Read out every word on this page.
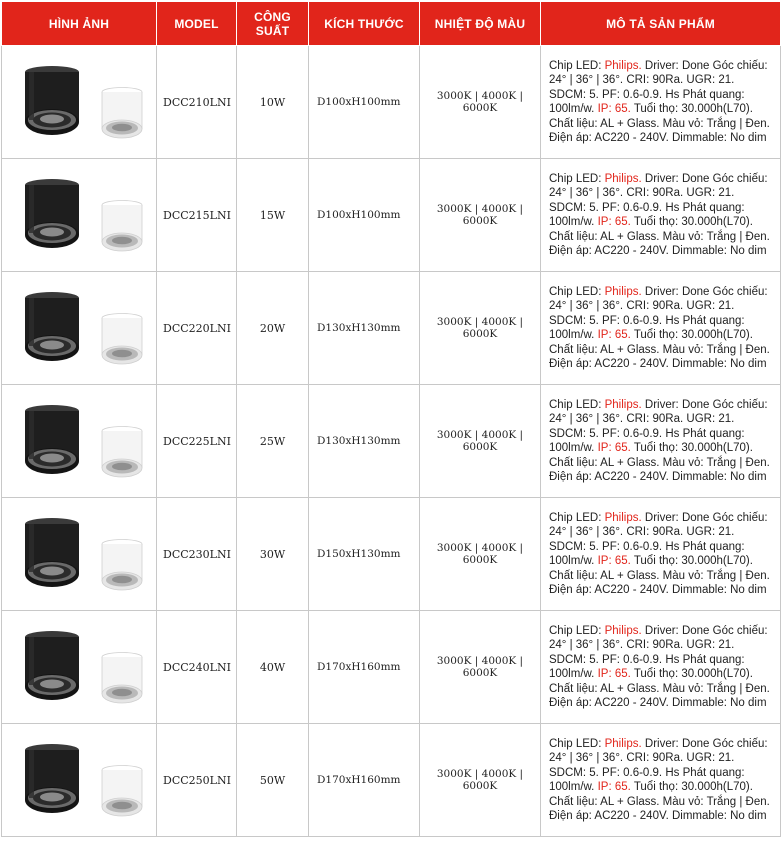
HÌNH ẢNH	MODEL	CÔNG SUẤT	KÍCH THƯỚC	NHIỆT ĐỘ MÀU	MÔ TẢ SẢN PHẨM

	DCC210LNI	10W	D100xH100mm	3000K | 4000K | 6000K	Chip LED: Philips. Driver: Done Góc chiếu: 24° | 36° | 36°. CRI: 90Ra. UGR: 21. SDCM: 5. PF: 0.6-0.9. Hs Phát quang: 100lm/w. IP: 65. Tuổi thọ: 30.000h(L70). Chất liệu: AL + Glass. Màu vỏ: Trắng | Đen. Điện áp: AC220 - 240V. Dimmable: No dim

	DCC215LNI	15W	D100xH100mm	3000K | 4000K | 6000K	Chip LED: Philips. Driver: Done Góc chiếu: 24° | 36° | 36°. CRI: 90Ra. UGR: 21. SDCM: 5. PF: 0.6-0.9. Hs Phát quang: 100lm/w. IP: 65. Tuổi thọ: 30.000h(L70). Chất liệu: AL + Glass. Màu vỏ: Trắng | Đen. Điện áp: AC220 - 240V. Dimmable: No dim

	DCC220LNI	20W	D130xH130mm	3000K | 4000K | 6000K	Chip LED: Philips. Driver: Done Góc chiếu: 24° | 36° | 36°. CRI: 90Ra. UGR: 21. SDCM: 5. PF: 0.6-0.9. Hs Phát quang: 100lm/w. IP: 65. Tuổi thọ: 30.000h(L70). Chất liệu: AL + Glass. Màu vỏ: Trắng | Đen. Điện áp: AC220 - 240V. Dimmable: No dim

	DCC225LNI	25W	D130xH130mm	3000K | 4000K | 6000K	Chip LED: Philips. Driver: Done Góc chiếu: 24° | 36° | 36°. CRI: 90Ra. UGR: 21. SDCM: 5. PF: 0.6-0.9. Hs Phát quang: 100lm/w. IP: 65. Tuổi thọ: 30.000h(L70). Chất liệu: AL + Glass. Màu vỏ: Trắng | Đen. Điện áp: AC220 - 240V. Dimmable: No dim

	DCC230LNI	30W	D150xH130mm	3000K | 4000K | 6000K	Chip LED: Philips. Driver: Done Góc chiếu: 24° | 36° | 36°. CRI: 90Ra. UGR: 21. SDCM: 5. PF: 0.6-0.9. Hs Phát quang: 100lm/w. IP: 65. Tuổi thọ: 30.000h(L70). Chất liệu: AL + Glass. Màu vỏ: Trắng | Đen. Điện áp: AC220 - 240V. Dimmable: No dim

	DCC240LNI	40W	D170xH160mm	3000K | 4000K | 6000K	Chip LED: Philips. Driver: Done Góc chiếu: 24° | 36° | 36°. CRI: 90Ra. UGR: 21. SDCM: 5. PF: 0.6-0.9. Hs Phát quang: 100lm/w. IP: 65. Tuổi thọ: 30.000h(L70). Chất liệu: AL + Glass. Màu vỏ: Trắng | Đen. Điện áp: AC220 - 240V. Dimmable: No dim

	DCC250LNI	50W	D170xH160mm	3000K | 4000K | 6000K	Chip LED: Philips. Driver: Done Góc chiếu: 24° | 36° | 36°. CRI: 90Ra. UGR: 21. SDCM: 5. PF: 0.6-0.9. Hs Phát quang: 100lm/w. IP: 65. Tuổi thọ: 30.000h(L70). Chất liệu: AL + Glass. Màu vỏ: Trắng | Đen. Điện áp: AC220 - 240V. Dimmable: No dim
